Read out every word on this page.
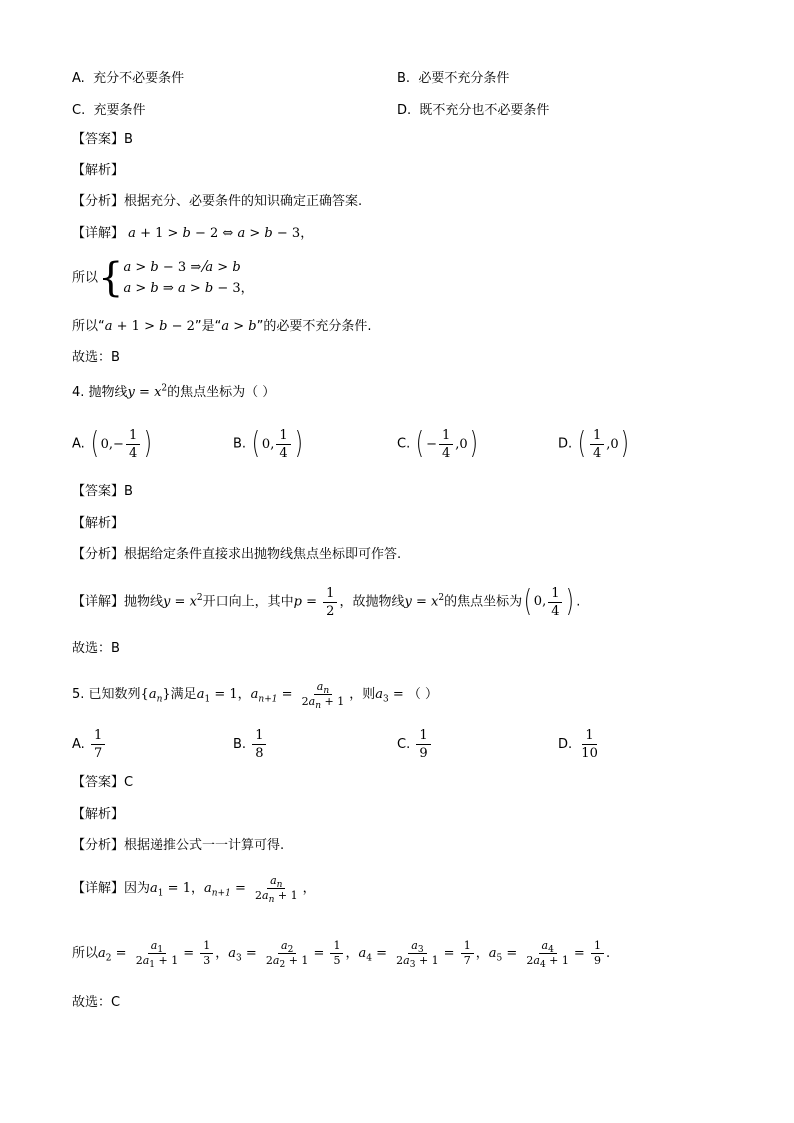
A. 充分不必要条件	B. 必要不充分条件
C. 充要条件	D. 既不充分也不必要条件
【答案】B
【解析】
【分析】根据充分、必要条件的知识确定正确答案.
【详解】 a + 1 > b − 2 ⇔ a > b − 3，
所以{a > b − 3 ⇒ a > b
a > b ⇒ a > b − 3，
所以“a + 1 > b − 2”是“a > b”的必要不充分条件.
故选：B
4. 抛物线$y = x^2$的焦点坐标为（ ）
A. ( $0,- \frac{1}{4}$ )	B. ( 0, $\frac{1}{4}$ )	C. ( − $\frac{1}{4} ,0$ )	D. ( $\frac{1}{4} ,0$ )
【答案】B
【解析】
【分析】根据给定条件直接求出抛物线焦点坐标即可作答.
【详解】抛物线$y = x^2$开口向上，其中$p = \frac{1}{2}$ ，故抛物线$y = x^2$的焦点坐标为 ( 0, $\frac{1}{4}$ ) .
故选：B
5. 已知数列$\{a_n\}$满足$a_1 = 1$，$a_{n+1} = \frac{a_n}{2a_n + 1}$ ，则$a_3$ = （ ）
A. $\frac{1}{7}$	B. $\frac{1}{8}$	C. $\frac{1}{9}$	D. $\frac{1}{10}$
【答案】C
【解析】
【分析】根据递推公式一一计算可得.
【详解】因为$a_1 = 1$，$a_{n+1} = \frac{a_n}{2a_n + 1}$ ，
所以$a_2 = \frac{a_1}{2a_1 + 1} = \frac{1}{3}$ ，$a_3 = \frac{a_2}{2a_2 + 1} = \frac{1}{5}$ ，$a_4 = \frac{a_3}{2a_3 + 1} = \frac{1}{7}$ ，$a_5 = \frac{a_4}{2a_4 + 1} = \frac{1}{9}$ .
故选：C
